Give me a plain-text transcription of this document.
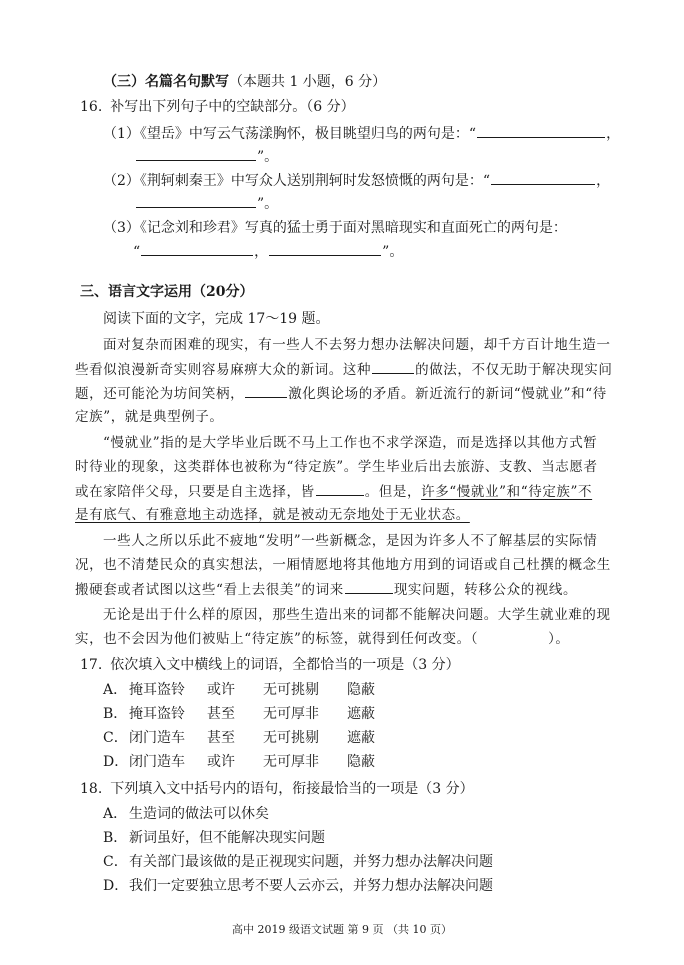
（三）名篇名句默写（本题共 1 小题，6 分）
16. 补写出下列句子中的空缺部分。（6 分）
（1）《望岳》中写云气荡漾胸怀，极目眺望归鸟的两句是：“	，
”。
（2）《荆轲刺秦王》中写众人送别荆轲时发怒愤慨的两句是：“	，
”。
（3）《记念刘和珍君》写真的猛士勇于面对黑暗现实和直面死亡的两句是：
“	，	”。
三、语言文字运用（20分）
阅读下面的文字，完成 17～19 题。
面对复杂而困难的现实，有一些人不去努力想办法解决问题，却千方百计地生造一
些看似浪漫新奇实则容易麻痹大众的新词。这种	的做法，不仅无助于解决现实问
题，还可能沦为坊间笑柄，	激化舆论场的矛盾。新近流行的新词“慢就业”和“待
定族”，就是典型例子。
“慢就业”指的是大学毕业后既不马上工作也不求学深造，而是选择以其他方式暂
时待业的现象，这类群体也被称为“待定族”。学生毕业后出去旅游、支教、当志愿者
或在家陪伴父母，只要是自主选择，皆	。但是，许多“慢就业”和“待定族”不
是有底气、有雅意地主动选择，就是被动无奈地处于无业状态。
一些人之所以乐此不疲地“发明”一些新概念，是因为许多人不了解基层的实际情
况，也不清楚民众的真实想法，一厢情愿地将其他地方用到的词语或自己杜撰的概念生
搬硬套或者试图以这些“看上去很美”的词来	现实问题，转移公众的视线。
无论是出于什么样的原因，那些生造出来的词都不能解决问题。大学生就业难的现
实，也不会因为他们被贴上“待定族”的标签，就得到任何改变。（	）。
17. 依次填入文中横线上的词语，全都恰当的一项是（3 分）
A． 掩耳盗铃 或许 无可挑剔 隐蔽
B． 掩耳盗铃 甚至 无可厚非 遮蔽
C．闭门造车 甚至 无可挑剔 遮蔽
D．闭门造车 或许 无可厚非 隐蔽
18. 下列填入文中括号内的语句，衔接最恰当的一项是（3 分）
A． 生造词的做法可以休矣
B． 新词虽好，但不能解决现实问题
C．有关部门最该做的是正视现实问题，并努力想办法解决问题
D．我们一定要独立思考不要人云亦云，并努力想办法解决问题
高中 2019 级语文试题 第 9 页 （共 10 页）
